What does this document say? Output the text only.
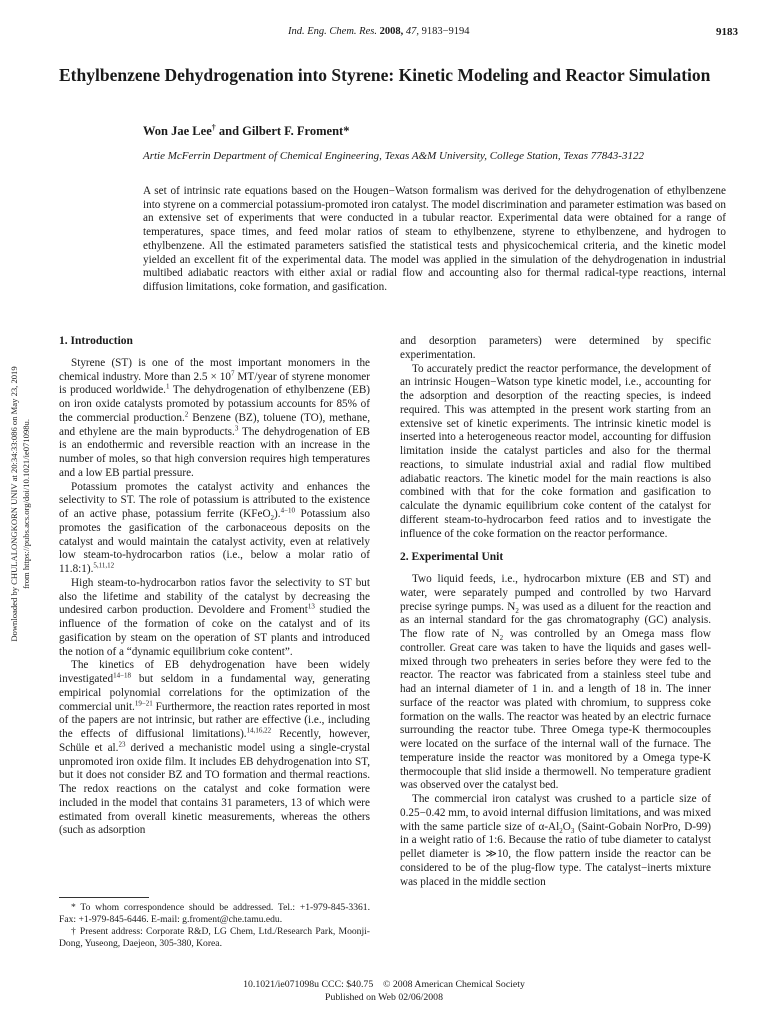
Ind. Eng. Chem. Res. 2008, 47, 9183−9194	9183
Ethylbenzene Dehydrogenation into Styrene: Kinetic Modeling and Reactor Simulation
Won Jae Lee† and Gilbert F. Froment*
Artie McFerrin Department of Chemical Engineering, Texas A&M University, College Station, Texas 77843-3122

A set of intrinsic rate equations based on the Hougen−Watson formalism was derived for the dehydrogenation of ethylbenzene into styrene on a commercial potassium-promoted iron catalyst. The model discrimination and parameter estimation was based on an extensive set of experiments that were conducted in a tubular reactor. Experimental data were obtained for a range of temperatures, space times, and feed molar ratios of steam to ethylbenzene, styrene to ethylbenzene, and hydrogen to ethylbenzene. All the estimated parameters satisfied the statistical tests and physicochemical criteria, and the kinetic model yielded an excellent fit of the experimental data. The model was applied in the simulation of the dehydrogenation in industrial multibed adiabatic reactors with either axial or radial flow and accounting also for thermal radical-type reactions, internal diffusion limitations, coke formation, and gasification.

Downloaded by CHULALONGKORN UNIV at 20:34:33:086 on May 23, 2019 from https://pubs.acs.org/doi/10.1021/ie071098u.
1. Introduction

Styrene (ST) is one of the most important monomers in the chemical industry. More than $2.5 \times 10^7$ MT/year of styrene monomer is produced worldwide.$^1$ The dehydrogenation of ethylbenzene (EB) on iron oxide catalysts promoted by potassium accounts for 85% of the commercial production.$^2$ Benzene (BZ), toluene (TO), methane, and ethylene are the main byproducts.$^3$ The dehydrogenation of EB is an endothermic and reversible reaction with an increase in the number of moles, so that high conversion requires high temperatures and a low EB partial pressure.

Potassium promotes the catalyst activity and enhances the selectivity to ST. The role of potassium is attributed to the existence of an active phase, potassium ferrite (KFeO$_2$).$^{4-10}$ Potassium also promotes the gasification of the carbonaceous deposits on the catalyst and would maintain the catalyst activity, even at relatively low steam-to-hydrocarbon ratios (i.e., below a molar ratio of 11.8:1).$^{5,11,12}$

High steam-to-hydrocarbon ratios favor the selectivity to ST but also the lifetime and stability of the catalyst by decreasing the undesired carbon production. Devoldere and Froment$^{13}$ studied the influence of the formation of coke on the catalyst and of its gasification by steam on the operation of ST plants and introduced the notion of a “dynamic equilibrium coke content”.

The kinetics of EB dehydrogenation have been widely investigated$^{14-18}$ but seldom in a fundamental way, generating empirical polynomial correlations for the optimization of the commercial unit.$^{19-21}$ Furthermore, the reaction rates reported in most of the papers are not intrinsic, but rather are effective (i.e., including the effects of diffusional limitations).$^{14,16,22}$ Recently, however, Schüle et al.$^{23}$ derived a mechanistic model using a single-crystal unpromoted iron oxide film. It includes EB dehydrogenation into ST, but it does not consider BZ and TO formation and thermal reactions. The redox reactions on the catalyst and coke formation were included in the model that contains 31 parameters, 13 of which were estimated from overall kinetic measurements, whereas the others (such as adsorption

and desorption parameters) were determined by specific experimentation.

To accurately predict the reactor performance, the development of an intrinsic Hougen−Watson type kinetic model, i.e., accounting for the adsorption and desorption of the reacting species, is indeed required. This was attempted in the present work starting from an extensive set of kinetic experiments. The intrinsic kinetic model is inserted into a heterogeneous reactor model, accounting for diffusion limitation inside the catalyst particles and also for the thermal reactions, to simulate industrial axial and radial flow multibed adiabatic reactors. The kinetic model for the main reactions is also combined with that for the coke formation and gasification to calculate the dynamic equilibrium coke content of the catalyst for different steam-to-hydrocarbon feed ratios and to investigate the influence of the coke formation on the reactor performance.

2. Experimental Unit

Two liquid feeds, i.e., hydrocarbon mixture (EB and ST) and water, were separately pumped and controlled by two Harvard precise syringe pumps. $N_2$ was used as a diluent for the reaction and as an internal standard for the gas chromatography (GC) analysis. The flow rate of $N_2$ was controlled by an Omega mass flow controller. Great care was taken to have the liquids and gases well-mixed through two preheaters in series before they were fed to the reactor. The reactor was fabricated from a stainless steel tube and had an internal diameter of 1 in. and a length of 18 in. The inner surface of the reactor was plated with chromium, to suppress coke formation on the walls. The reactor was heated by an electric furnace surrounding the reactor tube. Three Omega type-K thermocouples were located on the surface of the internal wall of the furnace. The temperature inside the reactor was monitored by a Omega type-K thermocouple that slid inside a thermowell. No temperature gradient was observed over the catalyst bed.

The commercial iron catalyst was crushed to a particle size of 0.25−0.42 mm, to avoid internal diffusion limitations, and was mixed with the same particle size of $\alpha-Al_2O_3$ (Saint-Gobain NorPro, D-99) in a weight ratio of 1:6. Because the ratio of tube diameter to catalyst pellet diameter is ≫10, the flow pattern inside the reactor can be considered to be of the plug-flow type. The catalyst−inerts mixture was placed in the middle section

* To whom correspondence should be addressed. Tel.: +1-979-845-3361. Fax: +1-979-845-6446. E-mail: g.froment@che.tamu.edu.

† Present address: Corporate R&D, LG Chem, Ltd./Research Park, Moonji-Dong, Yuseong, Daejeon, 305-380, Korea.

10.1021/ie071098u CCC: $40.75    © 2008 American Chemical Society
Published on Web 02/06/2008
